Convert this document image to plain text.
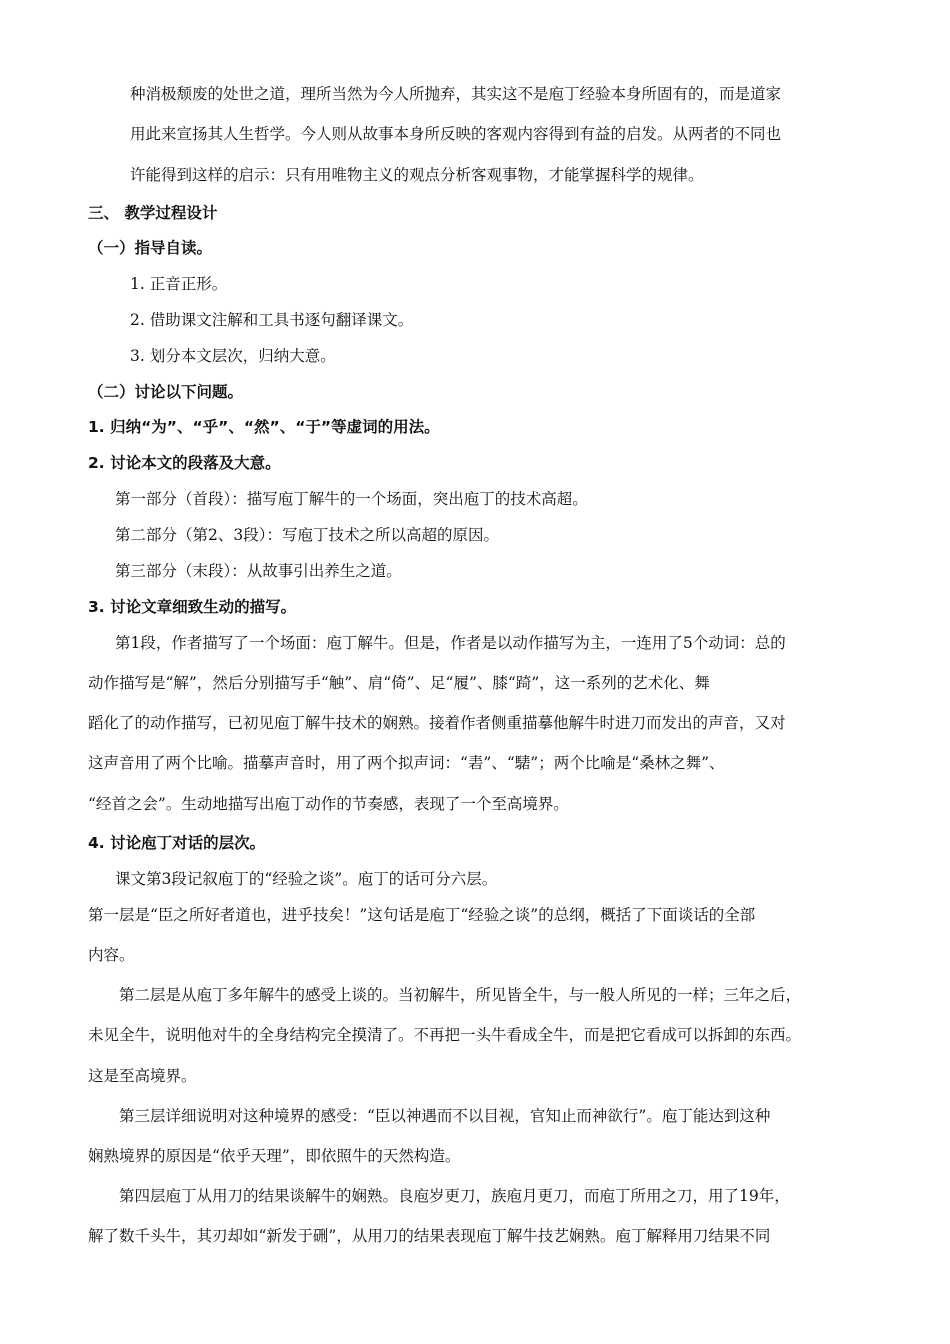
种消极颓废的处世之道，理所当然为今人所抛弃，其实这不是庖丁经验本身所固有的，而是道家
用此来宣扬其人生哲学。今人则从故事本身所反映的客观内容得到有益的启发。从两者的不同也
许能得到这样的启示：只有用唯物主义的观点分析客观事物，才能掌握科学的规律。
三、 教学过程设计
（一）指导自读。
1. 正音正形。
2. 借助课文注解和工具书逐句翻译课文。
3. 划分本文层次，归纳大意。
（二）讨论以下问题。
1. 归纳“为”、“乎”、“然”、“于”等虚词的用法。
2. 讨论本文的段落及大意。
第一部分（首段）：描写庖丁解牛的一个场面，突出庖丁的技术高超。
第二部分（第2、3段）：写庖丁技术之所以高超的原因。
第三部分（末段）：从故事引出养生之道。
3. 讨论文章细致生动的描写。
第1段，作者描写了一个场面：庖丁解牛。但是，作者是以动作描写为主，一连用了5个动词：总的
动作描写是“解”，然后分别描写手“触”、肩“倚”、足“履”、膝“踦”，这一系列的艺术化、舞
蹈化了的动作描写，已初见庖丁解牛技术的娴熟。接着作者侧重描摹他解牛时进刀而发出的声音，又对
这声音用了两个比喻。描摹声音时，用了两个拟声词：“砉”、“騞”；两个比喻是“桑林之舞”、
“经首之会”。生动地描写出庖丁动作的节奏感，表现了一个至高境界。
4. 讨论庖丁对话的层次。
课文第3段记叙庖丁的“经验之谈”。庖丁的话可分六层。
第一层是“臣之所好者道也，进乎技矣！”这句话是庖丁“经验之谈”的总纲，概括了下面谈话的全部
内容。
第二层是从庖丁多年解牛的感受上谈的。当初解牛，所见皆全牛，与一般人所见的一样；三年之后，
未见全牛，说明他对牛的全身结构完全摸清了。不再把一头牛看成全牛，而是把它看成可以拆卸的东西。
这是至高境界。
第三层详细说明对这种境界的感受：“臣以神遇而不以目视，官知止而神欲行”。庖丁能达到这种
娴熟境界的原因是“依乎天理”，即依照牛的天然构造。
第四层庖丁从用刀的结果谈解牛的娴熟。良庖岁更刀，族庖月更刀，而庖丁所用之刀，用了19年，
解了数千头牛，其刃却如“新发于硎”，从用刀的结果表现庖丁解牛技艺娴熟。庖丁解释用刀结果不同
